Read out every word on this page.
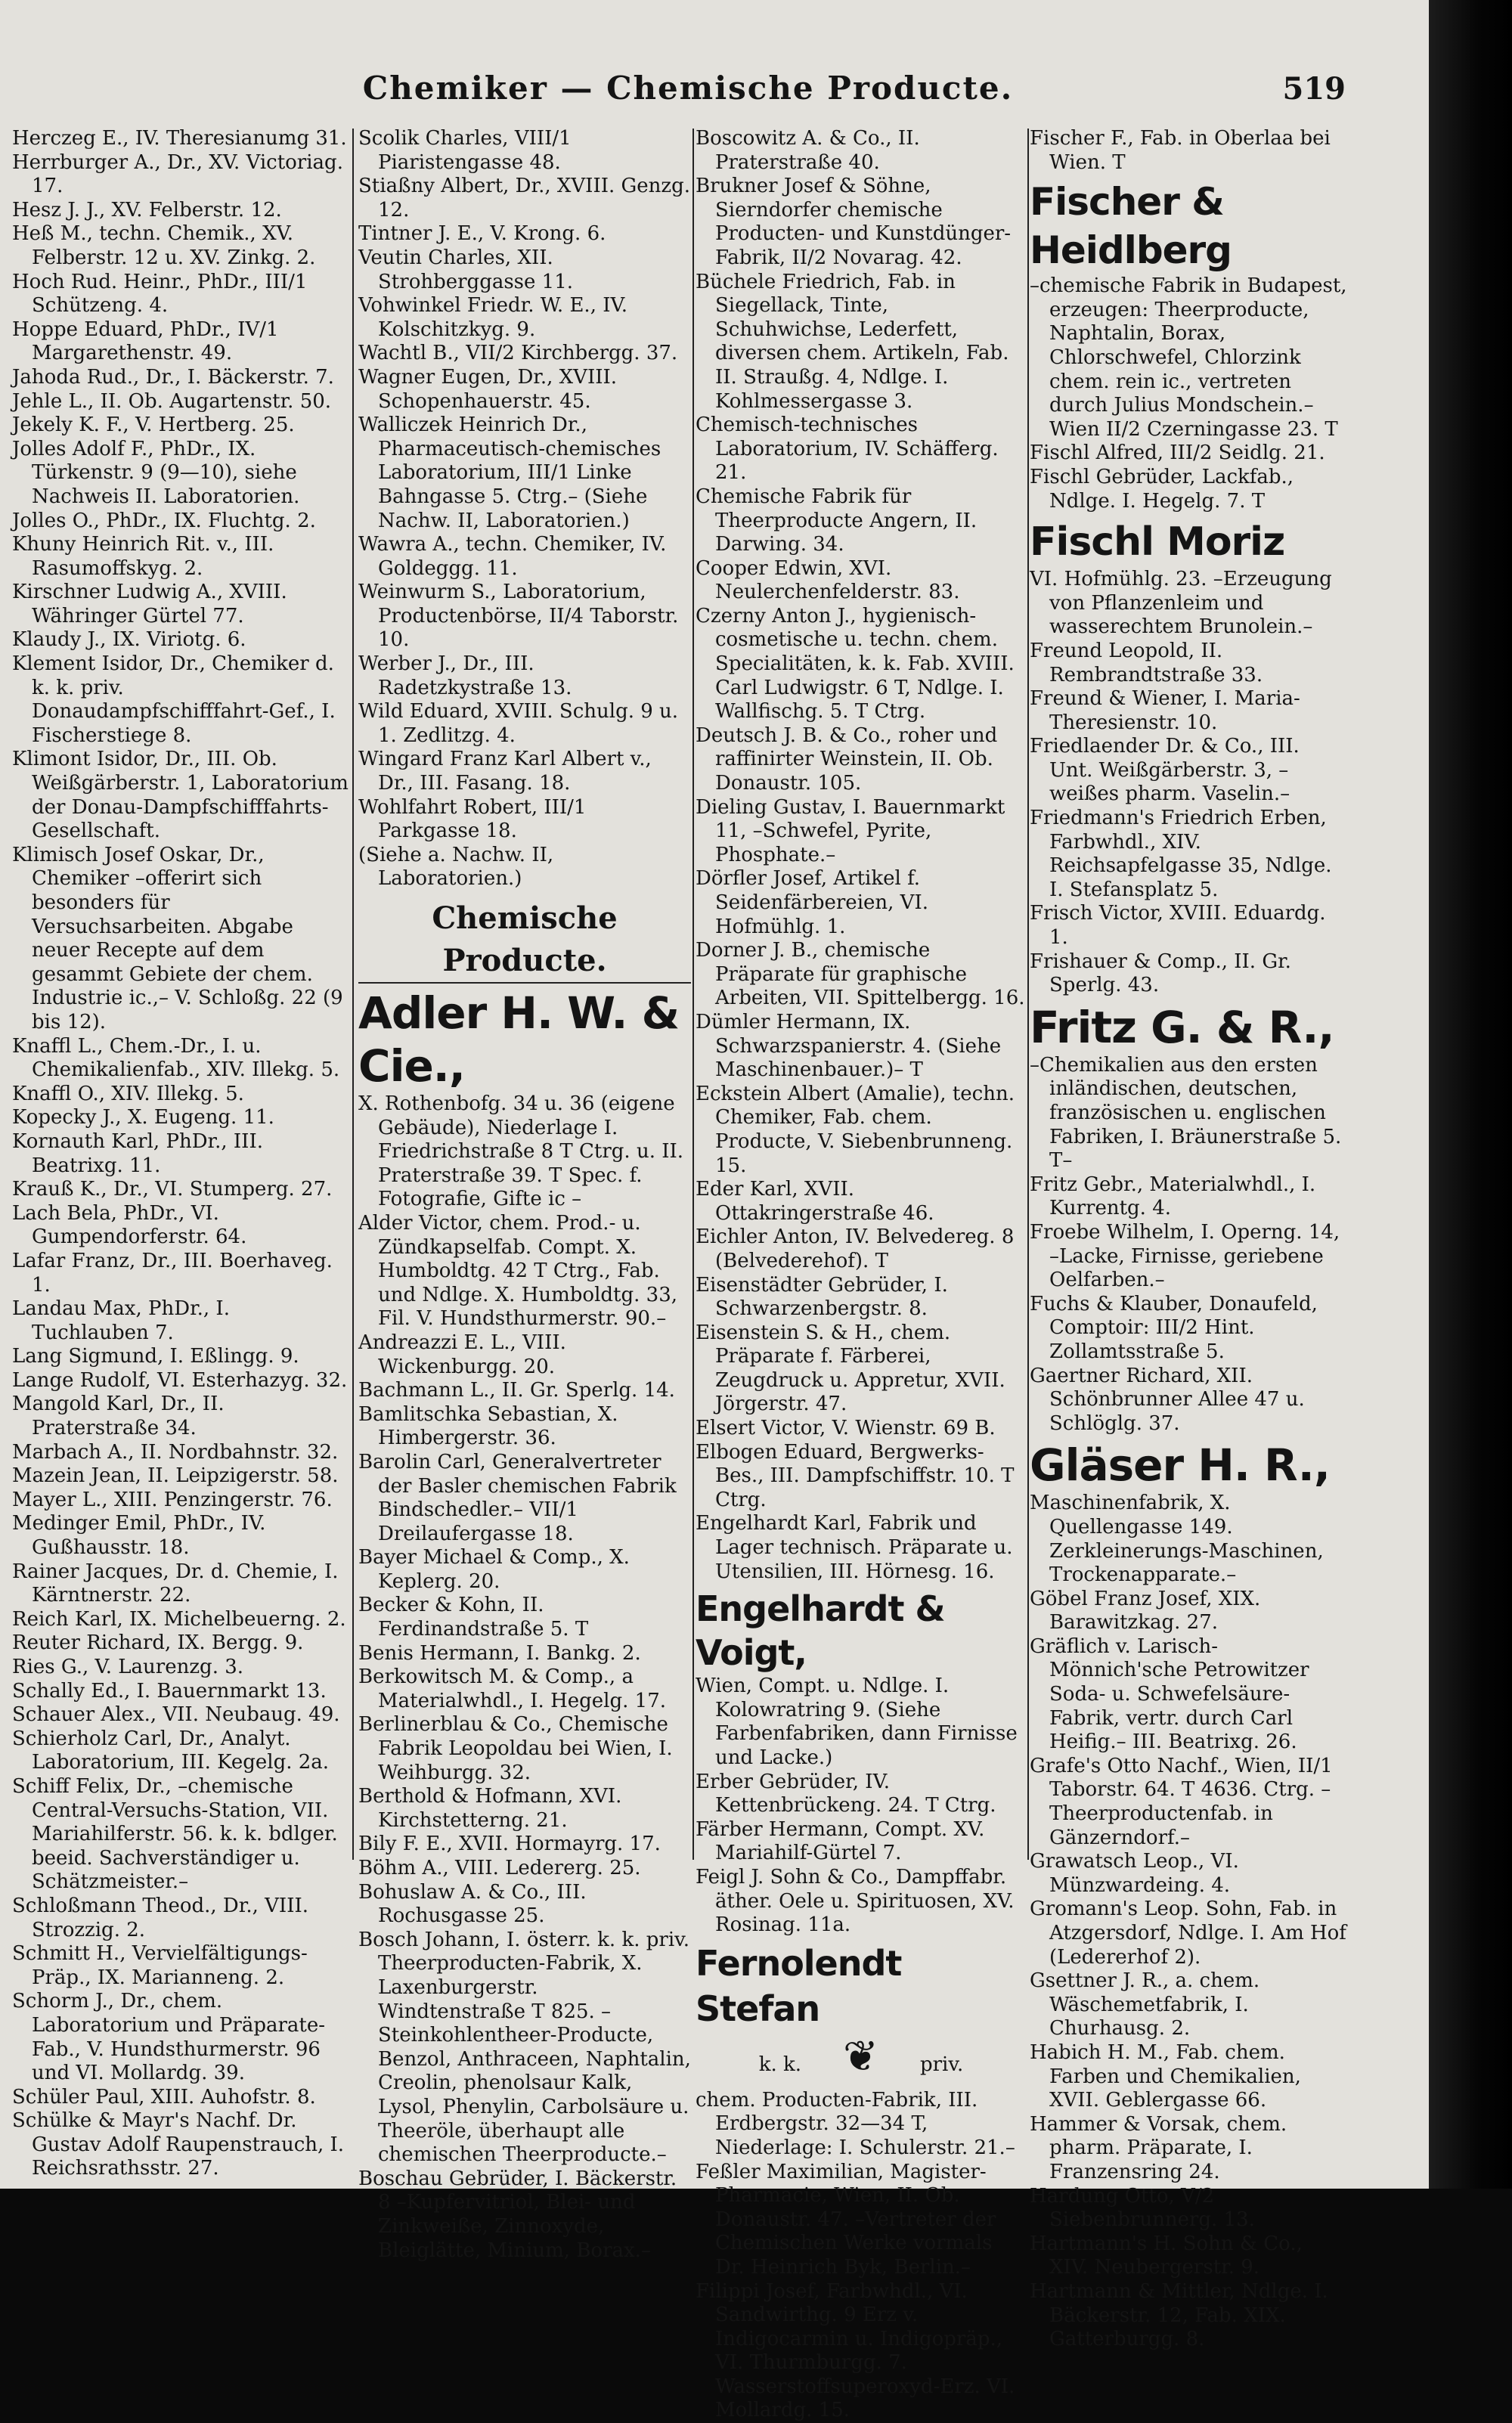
Chemiker — Chemische Producte.	519

Herczeg E., IV. Theresianumg 31.

Herrburger A., Dr., XV. Victoriag. 17.

Hesz J. J., XV. Felberstr. 12.

Heß M., techn. Chemik., XV. Felberstr. 12 u. XV. Zinkg. 2.

Hoch Rud. Heinr., PhDr., III/1 Schützeng. 4.

Hoppe Eduard, PhDr., IV/1 Margarethenstr. 49.

Jahoda Rud., Dr., I. Bäckerstr. 7.

Jehle L., II. Ob. Augartenstr. 50.

Jekely K. F., V. Hertberg. 25.

Jolles Adolf F., PhDr., IX. Türkenstr. 9 (9—10), siehe Nachweis II. Laboratorien.

Jolles O., PhDr., IX. Fluchtg. 2.

Khuny Heinrich Rit. v., III. Rasumoffskyg. 2.

Kirschner Ludwig A., XVIII. Währinger Gürtel 77.

Klaudy J., IX. Viriotg. 6.

Klement Isidor, Dr., Chemiker d. k. k. priv. Donaudampfschifffahrt-Gef., I. Fischerstiege 8.

Klimont Isidor, Dr., III. Ob. Weißgärberstr. 1, Laboratorium der Donau-Dampfschifffahrts-Gesellschaft.

Klimisch Josef Oskar, Dr., Chemiker –offerirt sich besonders für Versuchsarbeiten. Abgabe neuer Recepte auf dem gesammt Gebiete der chem. Industrie ic.,– V. Schloßg. 22 (9 bis 12).

Knaffl L., Chem.-Dr., I. u. Chemikalienfab., XIV. Illekg. 5.

Knaffl O., XIV. Illekg. 5.

Kopecky J., X. Eugeng. 11.

Kornauth Karl, PhDr., III. Beatrixg. 11.

Krauß K., Dr., VI. Stumperg. 27.

Lach Bela, PhDr., VI. Gumpendorferstr. 64.

Lafar Franz, Dr., III. Boerhaveg. 1.

Landau Max, PhDr., I. Tuchlauben 7.

Lang Sigmund, I. Eßlingg. 9.

Lange Rudolf, VI. Esterhazyg. 32.

Mangold Karl, Dr., II. Praterstraße 34.

Marbach A., II. Nordbahnstr. 32.

Mazein Jean, II. Leipzigerstr. 58.

Mayer L., XIII. Penzingerstr. 76.

Medinger Emil, PhDr., IV. Gußhausstr. 18.

Rainer Jacques, Dr. d. Chemie, I. Kärntnerstr. 22.

Reich Karl, IX. Michelbeuerng. 2.

Reuter Richard, IX. Bergg. 9.

Ries G., V. Laurenzg. 3.

Schally Ed., I. Bauernmarkt 13.

Schauer Alex., VII. Neubaug. 49.

Schierholz Carl, Dr., Analyt. Laboratorium, III. Kegelg. 2a.

Schiff Felix, Dr., –chemische Central-Versuchs-Station, VII. Mariahilferstr. 56. k. k. bdlger. beeid. Sachverständiger u. Schätzmeister.–

Schloßmann Theod., Dr., VIII. Strozzig. 2.

Schmitt H., Vervielfältigungs-Präp., IX. Marianneng. 2.

Schorm J., Dr., chem. Laboratorium und Präparate-Fab., V. Hundsthurmerstr. 96 und VI. Mollardg. 39.

Schüler Paul, XIII. Auhofstr. 8.

Schülke & Mayr's Nachf. Dr. Gustav Adolf Raupenstrauch, I. Reichsrathsstr. 27.

Scolik Charles, VIII/1 Piaristengasse 48.

Stiaßny Albert, Dr., XVIII. Genzg. 12.

Tintner J. E., V. Krong. 6.

Veutin Charles, XII. Strohberggasse 11.

Vohwinkel Friedr. W. E., IV. Kolschitzkyg. 9.

Wachtl B., VII/2 Kirchbergg. 37.

Wagner Eugen, Dr., XVIII. Schopenhauerstr. 45.

Walliczek Heinrich Dr., Pharmaceutisch-chemisches Laboratorium, III/1 Linke Bahngasse 5. Ctrg.– (Siehe Nachw. II, Laboratorien.)

Wawra A., techn. Chemiker, IV. Goldeggg. 11.

Weinwurm S., Laboratorium, Productenbörse, II/4 Taborstr. 10.

Werber J., Dr., III. Radetzkystraße 13.

Wild Eduard, XVIII. Schulg. 9 u. 1. Zedlitzg. 4.

Wingard Franz Karl Albert v., Dr., III. Fasang. 18.

Wohlfahrt Robert, III/1 Parkgasse 18.

(Siehe a. Nachw. II, Laboratorien.)

Chemische Producte.
Adler H. W. & Cie.,

X. Rothenbofg. 34 u. 36 (eigene Gebäude), Niederlage I. Friedrichstraße 8 T Ctrg. u. II. Praterstraße 39. T Spec. f. Fotografie, Gifte ic –

Alder Victor, chem. Prod.- u. Zündkapselfab. Compt. X. Humboldtg. 42 T Ctrg., Fab. und Ndlge. X. Humboldtg. 33, Fil. V. Hundsthurmerstr. 90.–

Andreazzi E. L., VIII. Wickenburgg. 20.

Bachmann L., II. Gr. Sperlg. 14.

Bamlitschka Sebastian, X. Himbergerstr. 36.

Barolin Carl, Generalvertreter der Basler chemischen Fabrik Bindschedler.– VII/1 Dreilaufergasse 18.

Bayer Michael & Comp., X. Keplerg. 20.

Becker & Kohn, II. Ferdinandstraße 5. T

Benis Hermann, I. Bankg. 2.

Berkowitsch M. & Comp., a Materialwhdl., I. Hegelg. 17.

Berlinerblau & Co., Chemische Fabrik Leopoldau bei Wien, I. Weihburgg. 32.

Berthold & Hofmann, XVI. Kirchstetterng. 21.

Bily F. E., XVII. Hormayrg. 17.

Böhm A., VIII. Ledererg. 25.

Bohuslaw A. & Co., III. Rochusgasse 25.

Bosch Johann, I. österr. k. k. priv. Theerproducten-Fabrik, X. Laxenburgerstr. Windtenstraße T 825. –Steinkohlentheer-Producte, Benzol, Anthraceen, Naphtalin, Creolin, phenolsaur Kalk, Lysol, Phenylin, Carbolsäure u. Theeröle, überhaupt alle chemischen Theerproducte.–

Boschau Gebrüder, I. Bäckerstr. 8 –Kupfervitriol, Blei- und Zinkweiße, Zinnoxyde, Bleiglätte, Minium, Borax.–

Boscowitz A. & Co., II. Praterstraße 40.

Brukner Josef & Söhne, Sierndorfer chemische Producten- und Kunstdünger-Fabrik, II/2 Novarag. 42.

Büchele Friedrich, Fab. in Siegellack, Tinte, Schuhwichse, Lederfett, diversen chem. Artikeln, Fab. II. Straußg. 4, Ndlge. I. Kohlmessergasse 3.

Chemisch-technisches Laboratorium, IV. Schäfferg. 21.

Chemische Fabrik für Theerproducte Angern, II. Darwing. 34.

Cooper Edwin, XVI. Neulerchenfelderstr. 83.

Czerny Anton J., hygienisch-cosmetische u. techn. chem. Specialitäten, k. k. Fab. XVIII. Carl Ludwigstr. 6 T, Ndlge. I. Wallfischg. 5. T Ctrg.

Deutsch J. B. & Co., roher und raffinirter Weinstein, II. Ob. Donaustr. 105.

Dieling Gustav, I. Bauernmarkt 11, –Schwefel, Pyrite, Phosphate.–

Dörfler Josef, Artikel f. Seidenfärbereien, VI. Hofmühlg. 1.

Dorner J. B., chemische Präparate für graphische Arbeiten, VII. Spittelbergg. 16.

Dümler Hermann, IX. Schwarzspanierstr. 4. (Siehe Maschinenbauer.)– T

Eckstein Albert (Amalie), techn. Chemiker, Fab. chem. Producte, V. Siebenbrunneng. 15.

Eder Karl, XVII. Ottakringerstraße 46.

Eichler Anton, IV. Belvedereg. 8 (Belvederehof). T

Eisenstädter Gebrüder, I. Schwarzenbergstr. 8.

Eisenstein S. & H., chem. Präparate f. Färberei, Zeugdruck u. Appretur, XVII. Jörgerstr. 47.

Elsert Victor, V. Wienstr. 69 B.

Elbogen Eduard, Bergwerks-Bes., III. Dampfschiffstr. 10. T Ctrg.

Engelhardt Karl, Fabrik und Lager technisch. Präparate u. Utensilien, III. Hörnesg. 16.

Engelhardt & Voigt,

Wien, Compt. u. Ndlge. I. Kolowratring 9. (Siehe Farbenfabriken, dann Firnisse und Lacke.)

Erber Gebrüder, IV. Kettenbrückeng. 24. T Ctrg.

Färber Hermann, Compt. XV. Mariahilf-Gürtel 7.

Feigl J. Sohn & Co., Dampffabr. äther. Oele u. Spirituosen, XV. Rosinag. 11a.

Fernolendt Stefan
k. k. ❦ priv.

chem. Producten-Fabrik, III. Erdbergstr. 32—34 T, Niederlage: I. Schulerstr. 21.–

Feßler Maximilian, Magister-Pharmacie, Wien, II. Ob. Donaustr. 47. –Vertreter der Chemischen Werke vormals Dr. Heinrich Byk, Berlin.–

Filippi Josef, Farbwhdl., VI. Sandwirthg. 9 Erz v. Indigocarmin u. Indigopräp., VI. Thurmburgg. 7. Wasserstoffsuperoxyd-Erz. VI. Mollardg. 15.

Fischer F., Fab. in Oberlaa bei Wien. T

Fischer & Heidlberg

–chemische Fabrik in Budapest, erzeugen: Theerproducte, Naphtalin, Borax, Chlorschwefel, Chlorzink chem. rein ic., vertreten durch Julius Mondschein.– Wien II/2 Czerningasse 23. T

Fischl Alfred, III/2 Seidlg. 21.

Fischl Gebrüder, Lackfab., Ndlge. I. Hegelg. 7. T

Fischl Moriz

VI. Hofmühlg. 23. –Erzeugung von Pflanzenleim und wasserechtem Brunolein.–

Freund Leopold, II. Rembrandtstraße 33.

Freund & Wiener, I. Maria-Theresienstr. 10.

Friedlaender Dr. & Co., III. Unt. Weißgärberstr. 3, –weißes pharm. Vaselin.–

Friedmann's Friedrich Erben, Farbwhdl., XIV. Reichsapfelgasse 35, Ndlge. I. Stefansplatz 5.

Frisch Victor, XVIII. Eduardg. 1.

Frishauer & Comp., II. Gr. Sperlg. 43.

Fritz G. & R.,

–Chemikalien aus den ersten inländischen, deutschen, französischen u. englischen Fabriken, I. Bräunerstraße 5. T–

Fritz Gebr., Materialwhdl., I. Kurrentg. 4.

Froebe Wilhelm, I. Operng. 14, –Lacke, Firnisse, geriebene Oelfarben.–

Fuchs & Klauber, Donaufeld, Comptoir: III/2 Hint. Zollamtsstraße 5.

Gaertner Richard, XII. Schönbrunner Allee 47 u. Schlöglg. 37.

Gläser H. R.,

Maschinenfabrik, X. Quellengasse 149. Zerkleinerungs-Maschinen, Trockenapparate.–

Göbel Franz Josef, XIX. Barawitzkag. 27.

Gräflich v. Larisch-Mönnich'sche Petrowitzer Soda- u. Schwefelsäure-Fabrik, vertr. durch Carl Heifig.– III. Beatrixg. 26.

Grafe's Otto Nachf., Wien, II/1 Taborstr. 64. T 4636. Ctrg. –Theerproductenfab. in Gänzerndorf.–

Grawatsch Leop., VI. Münzwardeing. 4.

Gromann's Leop. Sohn, Fab. in Atzgersdorf, Ndlge. I. Am Hof (Ledererhof 2).

Gsettner J. R., a. chem. Wäschemetfabrik, I. Churhausg. 2.

Habich H. M., Fab. chem. Farben und Chemikalien, XVII. Geblergasse 66.

Hammer & Vorsak, chem. pharm. Präparate, I. Franzensring 24.

Hardung Otto, V/2 Siebenbrunnerg. 13.

Hartmann's H. Sohn & Co., XIV. Neubergerstr. 9.

Hartmann & Mittler, Ndlge. I. Bäckerstr. 12, Fab. XIX. Gatterburgg. 8.
